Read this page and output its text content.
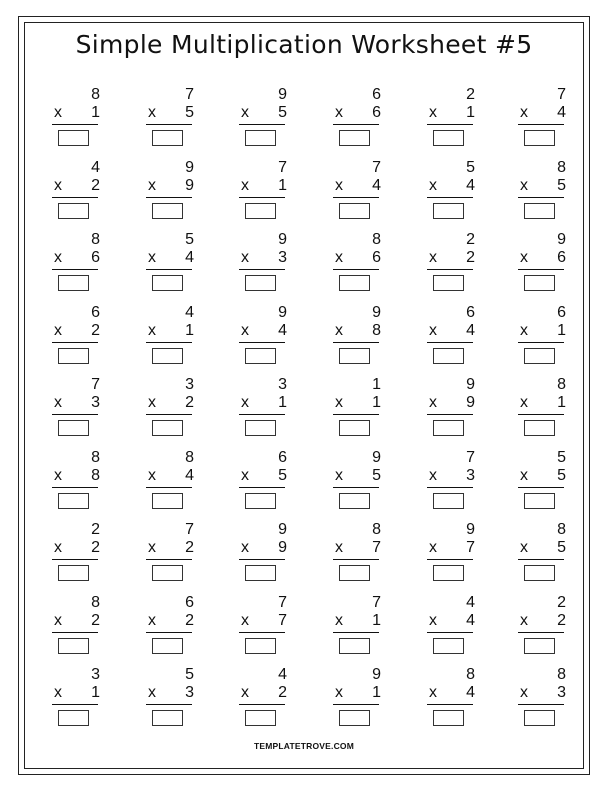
Simple Multiplication Worksheet #5
8
x 1
7
x 5
9
x 5
6
x 6
2
x 1
7
x 4
4
x 2
9
x 9
7
x 1
7
x 4
5
x 4
8
x 5
8
x 6
5
x 4
9
x 3
8
x 6
2
x 2
9
x 6
6
x 2
4
x 1
9
x 4
9
x 8
6
x 4
6
x 1
7
x 3
3
x 2
3
x 1
1
x 1
9
x 9
8
x 1
8
x 8
8
x 4
6
x 5
9
x 5
7
x 3
5
x 5
2
x 2
7
x 2
9
x 9
8
x 7
9
x 7
8
x 5
8
x 2
6
x 2
7
x 7
7
x 1
4
x 4
2
x 2
3
x 1
5
x 3
4
x 2
9
x 1
8
x 4
8
x 3
TEMPLATETROVE.COM
